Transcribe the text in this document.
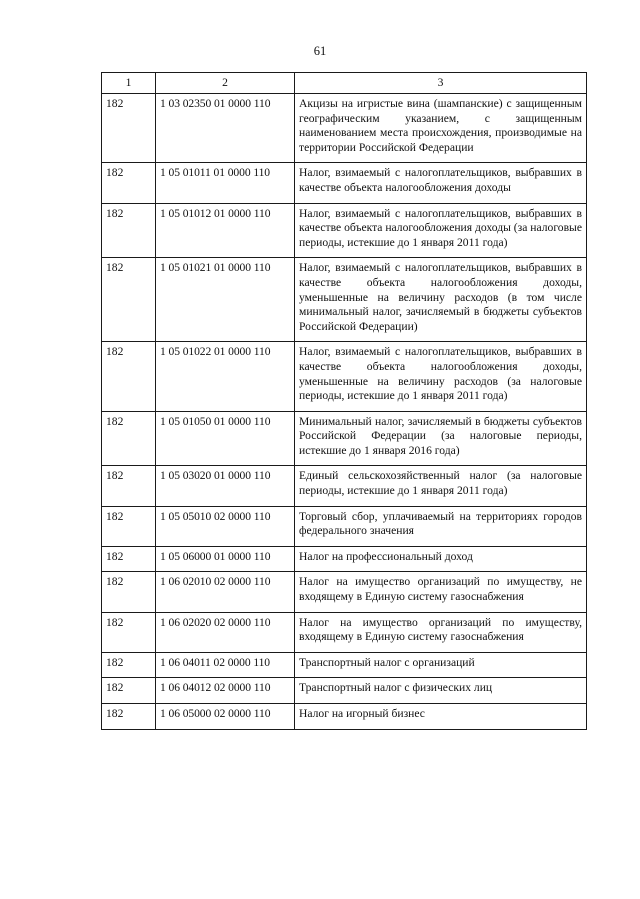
61
1	2	3
182	1 03 02350 01 0000 110	Акцизы на игристые вина (шампанские) с защищенным географическим указанием, с защищенным наименованием места происхождения, производимые на территории Российской Федерации
182	1 05 01011 01 0000 110	Налог, взимаемый с налогоплательщиков, выбравших в качестве объекта налогообложения доходы
182	1 05 01012 01 0000 110	Налог, взимаемый с налогоплательщиков, выбравших в качестве объекта налогообложения доходы (за налоговые периоды, истекшие до 1 января 2011 года)
182	1 05 01021 01 0000 110	Налог, взимаемый с налогоплательщиков, выбравших в качестве объекта налогообложения доходы, уменьшенные на величину расходов (в том числе минимальный налог, зачисляемый в бюджеты субъектов Российской Федерации)
182	1 05 01022 01 0000 110	Налог, взимаемый с налогоплательщиков, выбравших в качестве объекта налогообложения доходы, уменьшенные на величину расходов (за налоговые периоды, истекшие до 1 января 2011 года)
182	1 05 01050 01 0000 110	Минимальный налог, зачисляемый в бюджеты субъектов Российской Федерации (за налоговые периоды, истекшие до 1 января 2016 года)
182	1 05 03020 01 0000 110	Единый сельскохозяйственный налог (за налоговые периоды, истекшие до 1 января 2011 года)
182	1 05 05010 02 0000 110	Торговый сбор, уплачиваемый на территориях городов федерального значения
182	1 05 06000 01 0000 110	Налог на профессиональный доход
182	1 06 02010 02 0000 110	Налог на имущество организаций по имуществу, не входящему в Единую систему газоснабжения
182	1 06 02020 02 0000 110	Налог на имущество организаций по имуществу, входящему в Единую систему газоснабжения
182	1 06 04011 02 0000 110	Транспортный налог с организаций
182	1 06 04012 02 0000 110	Транспортный налог с физических лиц
182	1 06 05000 02 0000 110	Налог на игорный бизнес
